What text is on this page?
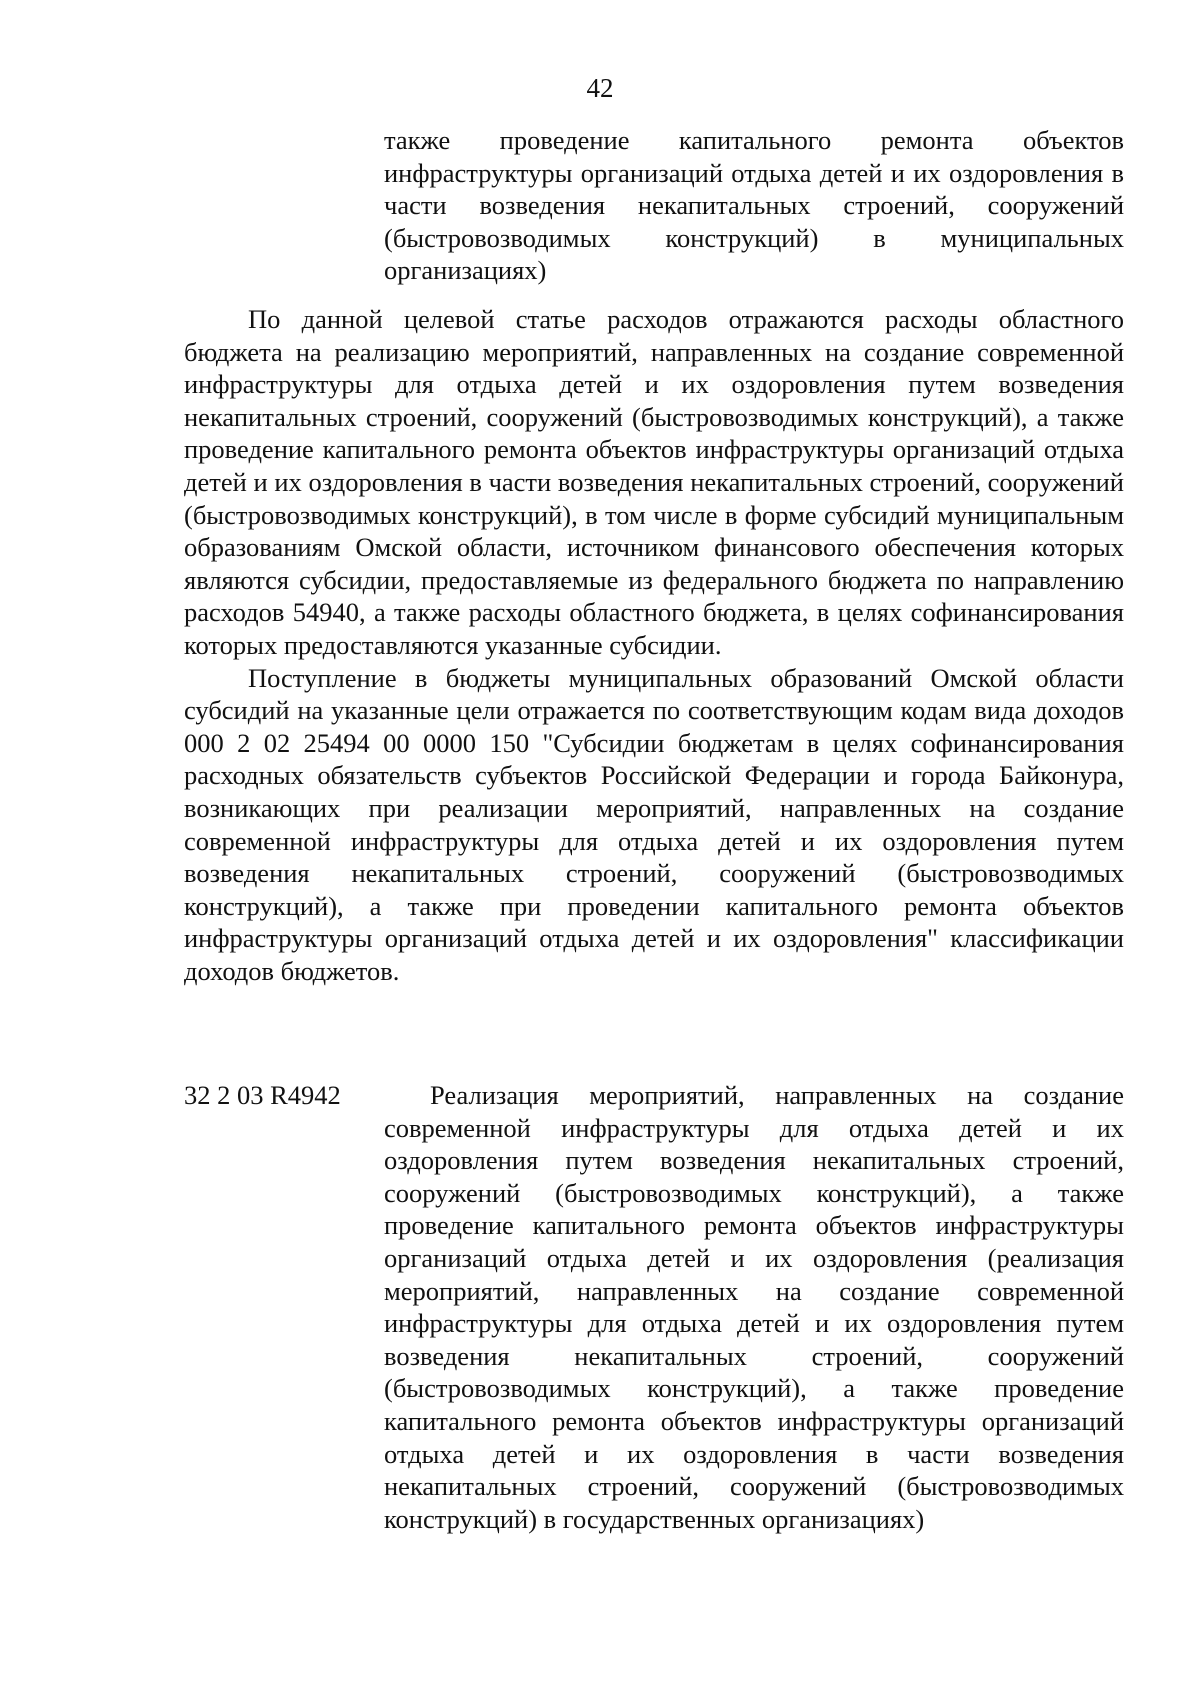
42
также проведение капитального ремонта объектов инфраструктуры организаций отдыха детей и их оздоровления в части возведения некапитальных строений, сооружений (быстровозводимых конструкций) в муниципальных организациях)

По данной целевой статье расходов отражаются расходы областного бюджета на реализацию мероприятий, направленных на создание современной инфраструктуры для отдыха детей и их оздоровления путем возведения некапитальных строений, сооружений (быстровозводимых конструкций), а также проведение капитального ремонта объектов инфраструктуры организаций отдыха детей и их оздоровления в части возведения некапитальных строений, сооружений (быстровозводимых конструкций), в том числе в форме субсидий муниципальным образованиям Омской области, источником финансового обеспечения которых являются субсидии, предоставляемые из федерального бюджета по направлению расходов 54940, а также расходы областного бюджета, в целях софинансирования которых предоставляются указанные субсидии.

Поступление в бюджеты муниципальных образований Омской области субсидий на указанные цели отражается по соответствующим кодам вида доходов 000 2 02 25494 00 0000 150 "Субсидии бюджетам в целях софинансирования расходных обязательств субъектов Российской Федерации и города Байконура, возникающих при реализации мероприятий, направленных на создание современной инфраструктуры для отдыха детей и их оздоровления путем возведения некапитальных строений, сооружений (быстровозводимых конструкций), а также при проведении капитального ремонта объектов инфраструктуры организаций отдыха детей и их оздоровления" классификации доходов бюджетов.

32 2 03 R4942	Реализация мероприятий, направленных на создание современной инфраструктуры для отдыха детей и их оздоровления путем возведения некапитальных строений, сооружений (быстровозводимых конструкций), а также проведение капитального ремонта объектов инфраструктуры организаций отдыха детей и их оздоровления (реализация мероприятий, направленных на создание современной инфраструктуры для отдыха детей и их оздоровления путем возведения некапитальных строений, сооружений (быстровозводимых конструкций), а также проведение капитального ремонта объектов инфраструктуры организаций отдыха детей и их оздоровления в части возведения некапитальных строений, сооружений (быстровозводимых конструкций) в государственных организациях)
